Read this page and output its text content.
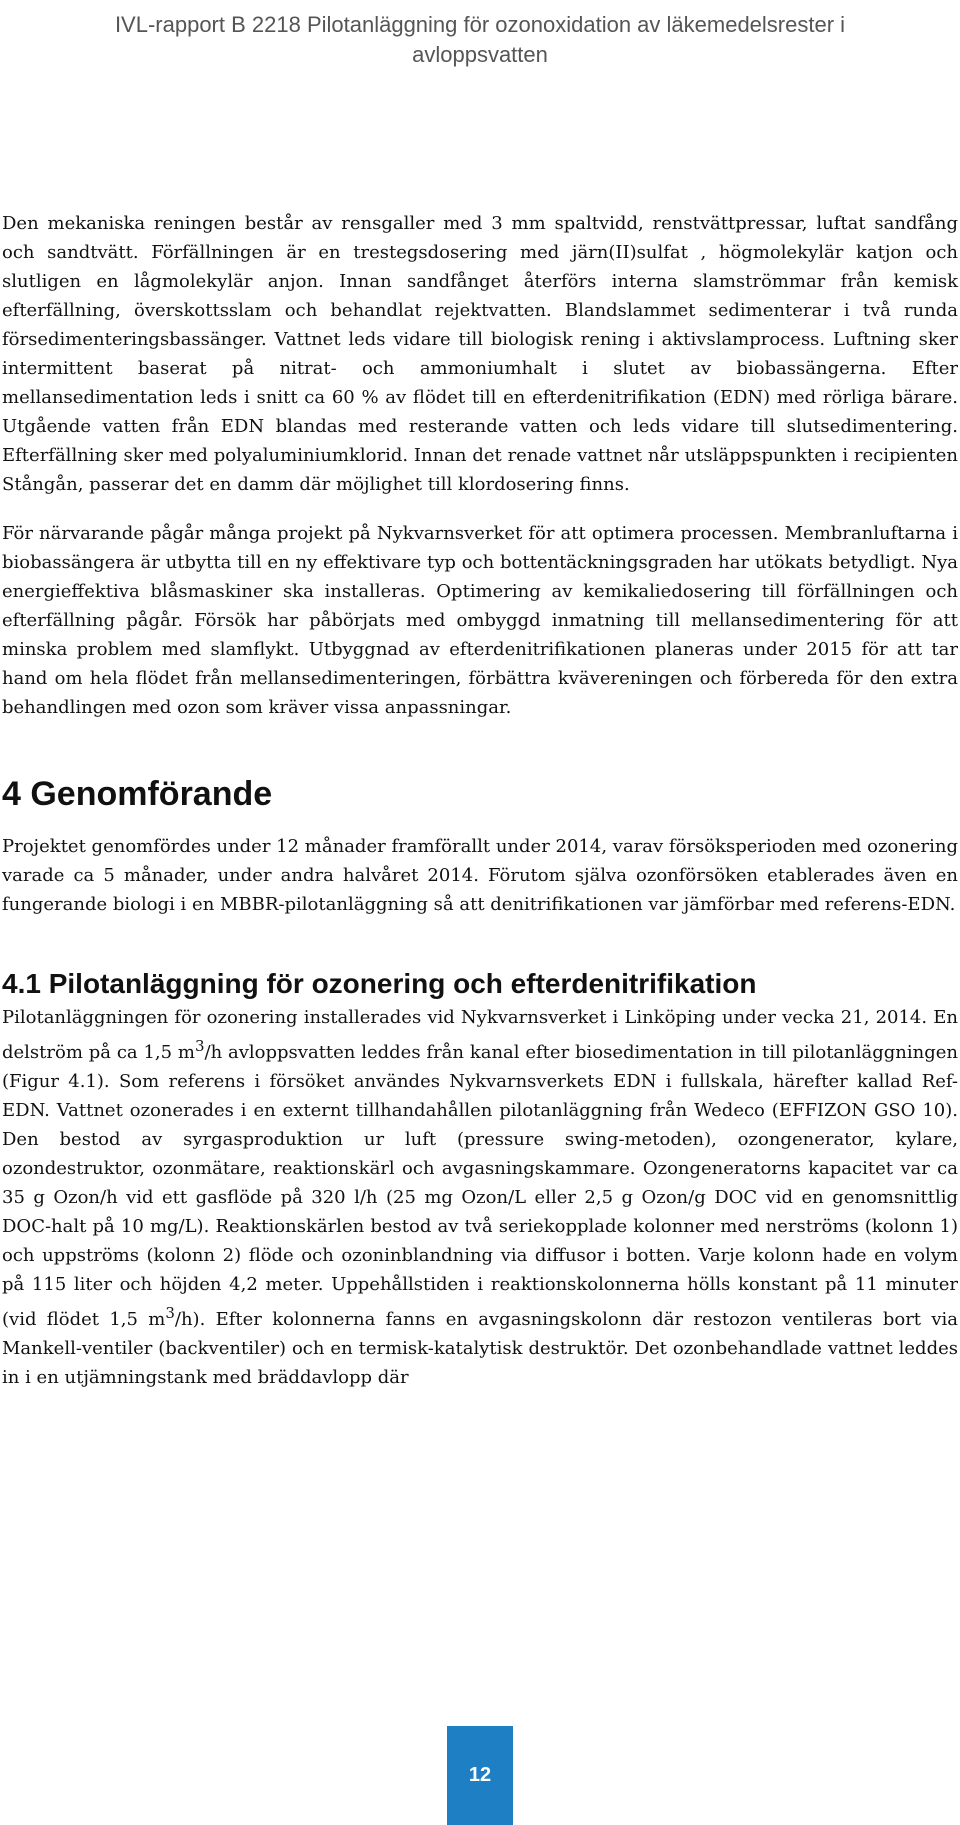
IVL-rapport B 2218 Pilotanläggning för ozonoxidation av läkemedelsrester i
avloppsvatten

Den mekaniska reningen består av rensgaller med 3 mm spaltvidd, renstvättpressar, luftat sandfång och sandtvätt. Förfällningen är en trestegsdosering med järn(II)sulfat , högmolekylär katjon och slutligen en lågmolekylär anjon. Innan sandfånget återförs interna slamströmmar från kemisk efterfällning, överskottsslam och behandlat rejektvatten. Blandslammet sedimenterar i två runda försedimenteringsbassänger. Vattnet leds vidare till biologisk rening i aktivslamprocess. Luftning sker intermittent baserat på nitrat- och ammoniumhalt i slutet av biobassängerna. Efter mellansedimentation leds i snitt ca 60 % av flödet till en efterdenitrifikation (EDN) med rörliga bärare. Utgående vatten från EDN blandas med resterande vatten och leds vidare till slutsedimentering. Efterfällning sker med polyaluminiumklorid. Innan det renade vattnet når utsläppspunkten i recipienten Stångån, passerar det en damm där möjlighet till klordosering finns.

För närvarande pågår många projekt på Nykvarnsverket för att optimera processen. Membranluftarna i biobassängera är utbytta till en ny effektivare typ och bottentäckningsgraden har utökats betydligt. Nya energieffektiva blåsmaskiner ska installeras. Optimering av kemikaliedosering till förfällningen och efterfällning pågår. Försök har påbörjats med ombyggd inmatning till mellansedimentering för att minska problem med slamflykt. Utbyggnad av efterdenitrifikationen planeras under 2015 för att tar hand om hela flödet från mellansedimenteringen, förbättra kvävereningen och förbereda för den extra behandlingen med ozon som kräver vissa anpassningar.

4 Genomförande

Projektet genomfördes under 12 månader framförallt under 2014, varav försöksperioden med ozonering varade ca 5 månader, under andra halvåret 2014. Förutom själva ozonförsöken etablerades även en fungerande biologi i en MBBR-pilotanläggning så att denitrifikationen var jämförbar med referens-EDN.

4.1 Pilotanläggning för ozonering och efterdenitrifikation

Pilotanläggningen för ozonering installerades vid Nykvarnsverket i Linköping under vecka 21, 2014. En delström på ca 1,5 $m^3/h$ avloppsvatten leddes från kanal efter biosedimentation in till pilotanläggningen (Figur 4.1). Som referens i försöket användes Nykvarnsverkets EDN i fullskala, härefter kallad Ref-EDN. Vattnet ozonerades i en externt tillhandahållen pilotanläggning från Wedeco (EFFIZON GSO 10). Den bestod av syrgasproduktion ur luft (pressure swing-metoden), ozongenerator, kylare, ozondestruktor, ozonmätare, reaktionskärl och avgasningskammare. Ozongeneratorns kapacitet var ca 35 g Ozon/h vid ett gasflöde på 320 l/h (25 mg Ozon/L eller 2,5 g Ozon/g DOC vid en genomsnittlig DOC-halt på 10 mg/L). Reaktionskärlen bestod av två seriekopplade kolonner med nerströms (kolonn 1) och uppströms (kolonn 2) flöde och ozoninblandning via diffusor i botten. Varje kolonn hade en volym på 115 liter och höjden 4,2 meter. Uppehållstiden i reaktionskolonnerna hölls konstant på 11 minuter (vid flödet 1,5 $m^3/h$). Efter kolonnerna fanns en avgasningskolonn där restozon ventileras bort via Mankell-ventiler (backventiler) och en termisk-katalytisk destruktör. Det ozonbehandlade vattnet leddes in i en utjämningstank med bräddavlopp där

12
